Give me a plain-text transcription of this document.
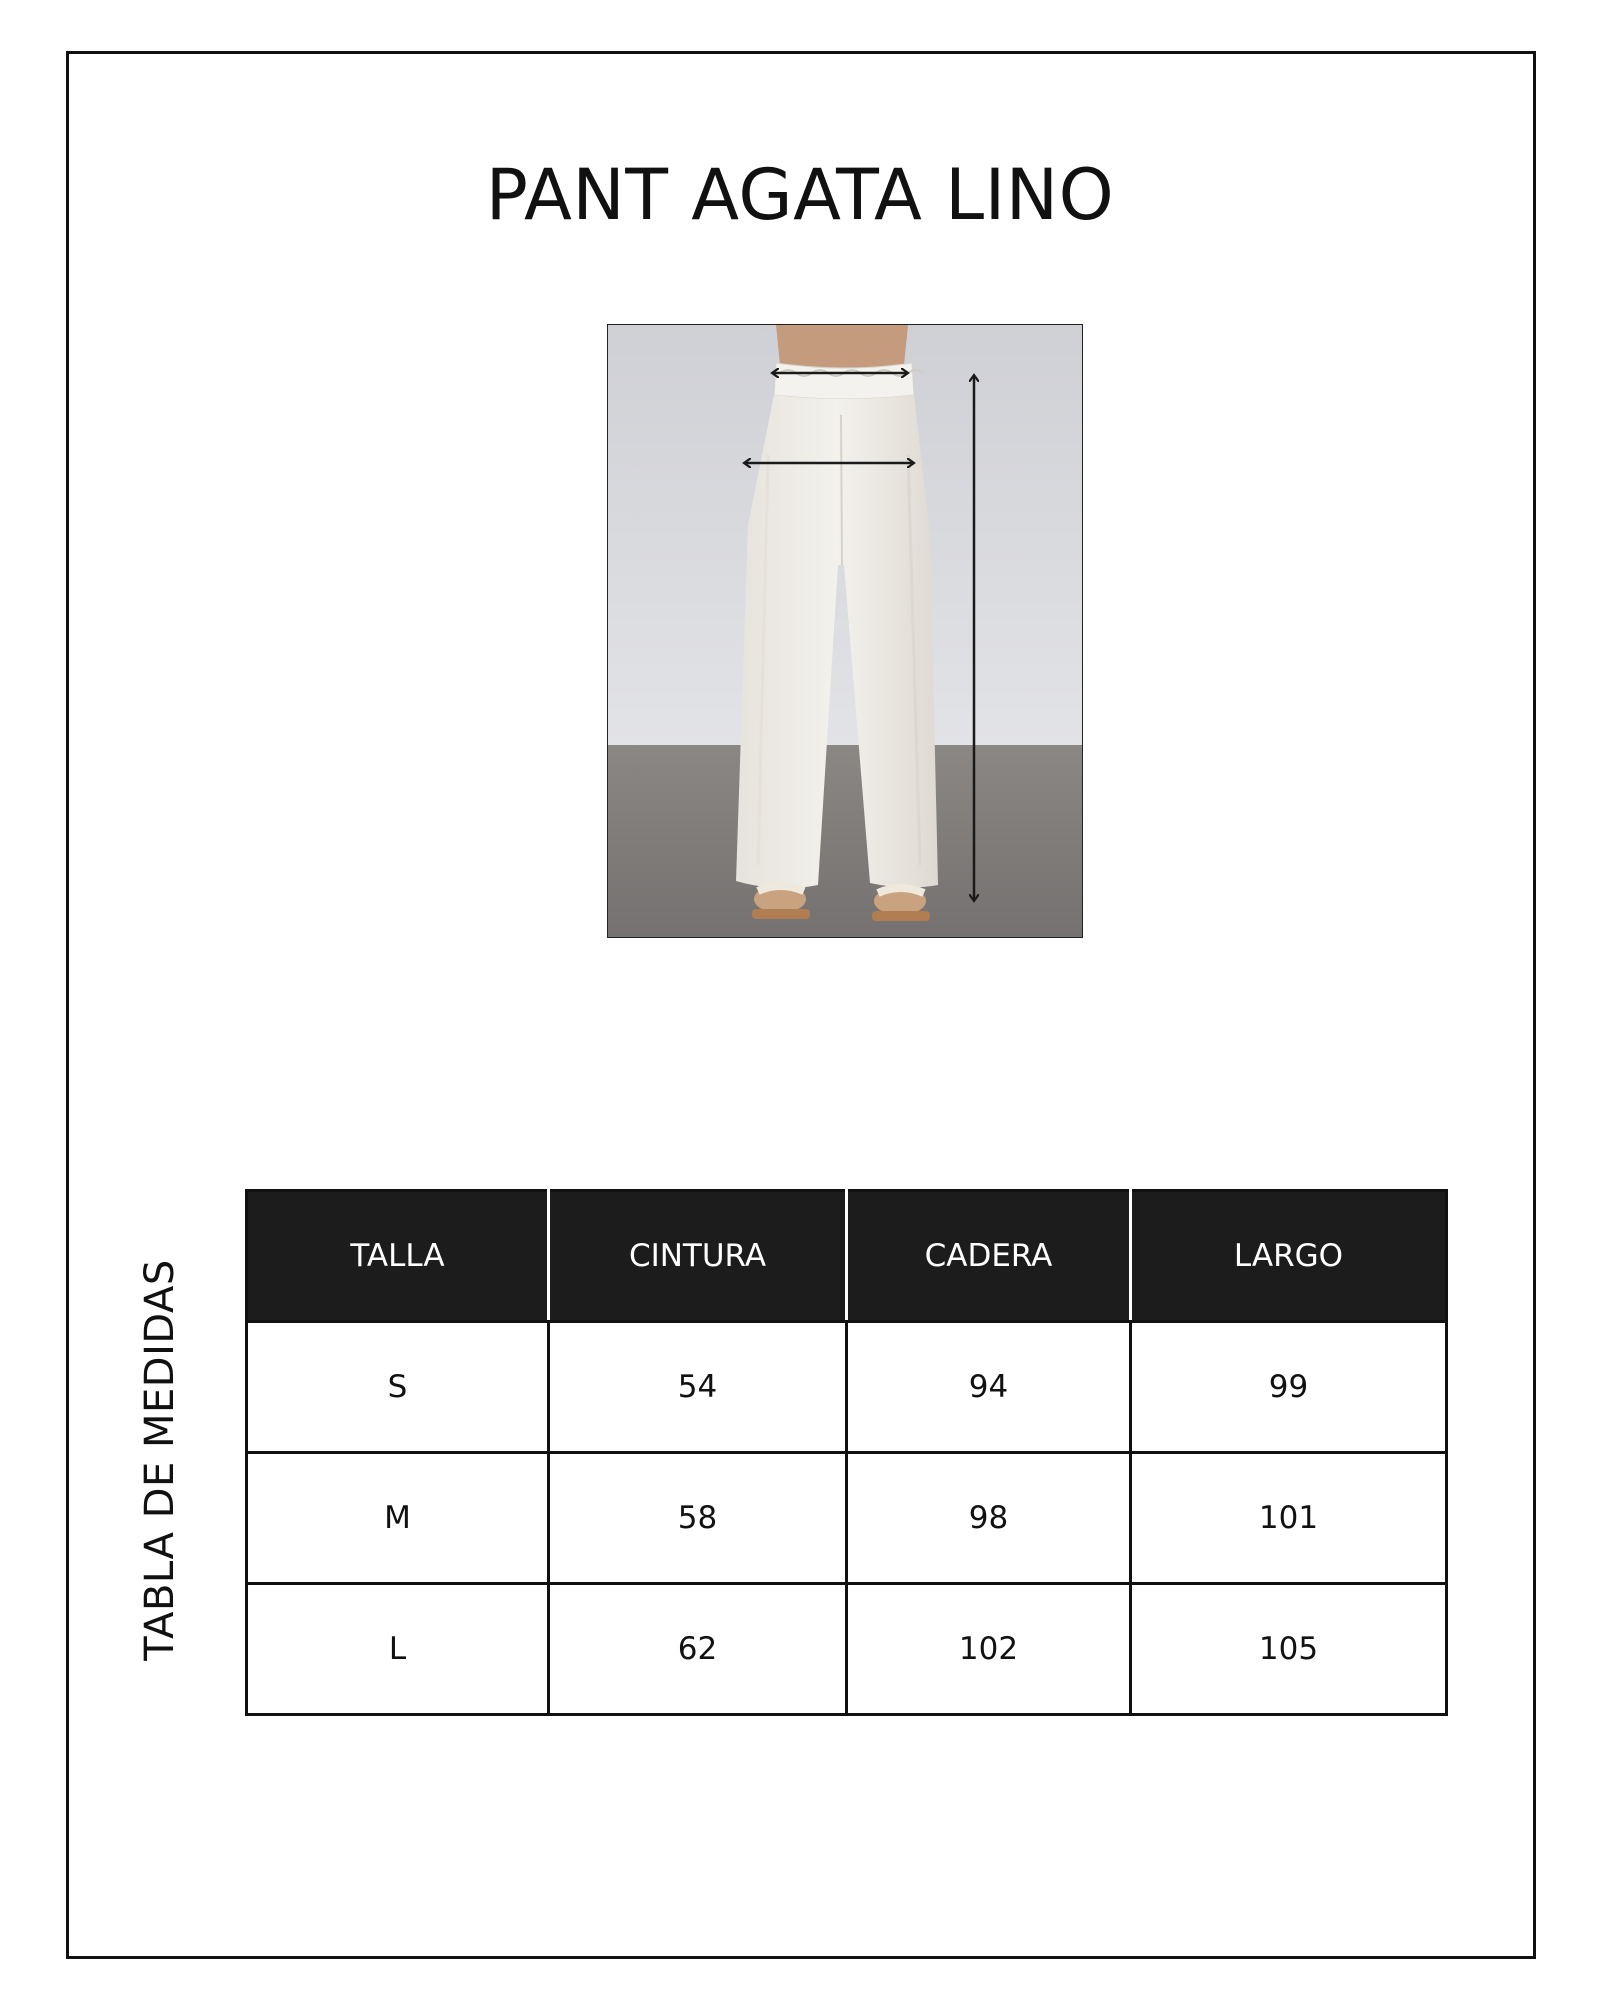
PANT AGATA LINO
TABLA DE MEDIDAS
TALLA	CINTURA	CADERA	LARGO
S	54	94	99
M	58	98	101
L	62	102	105
